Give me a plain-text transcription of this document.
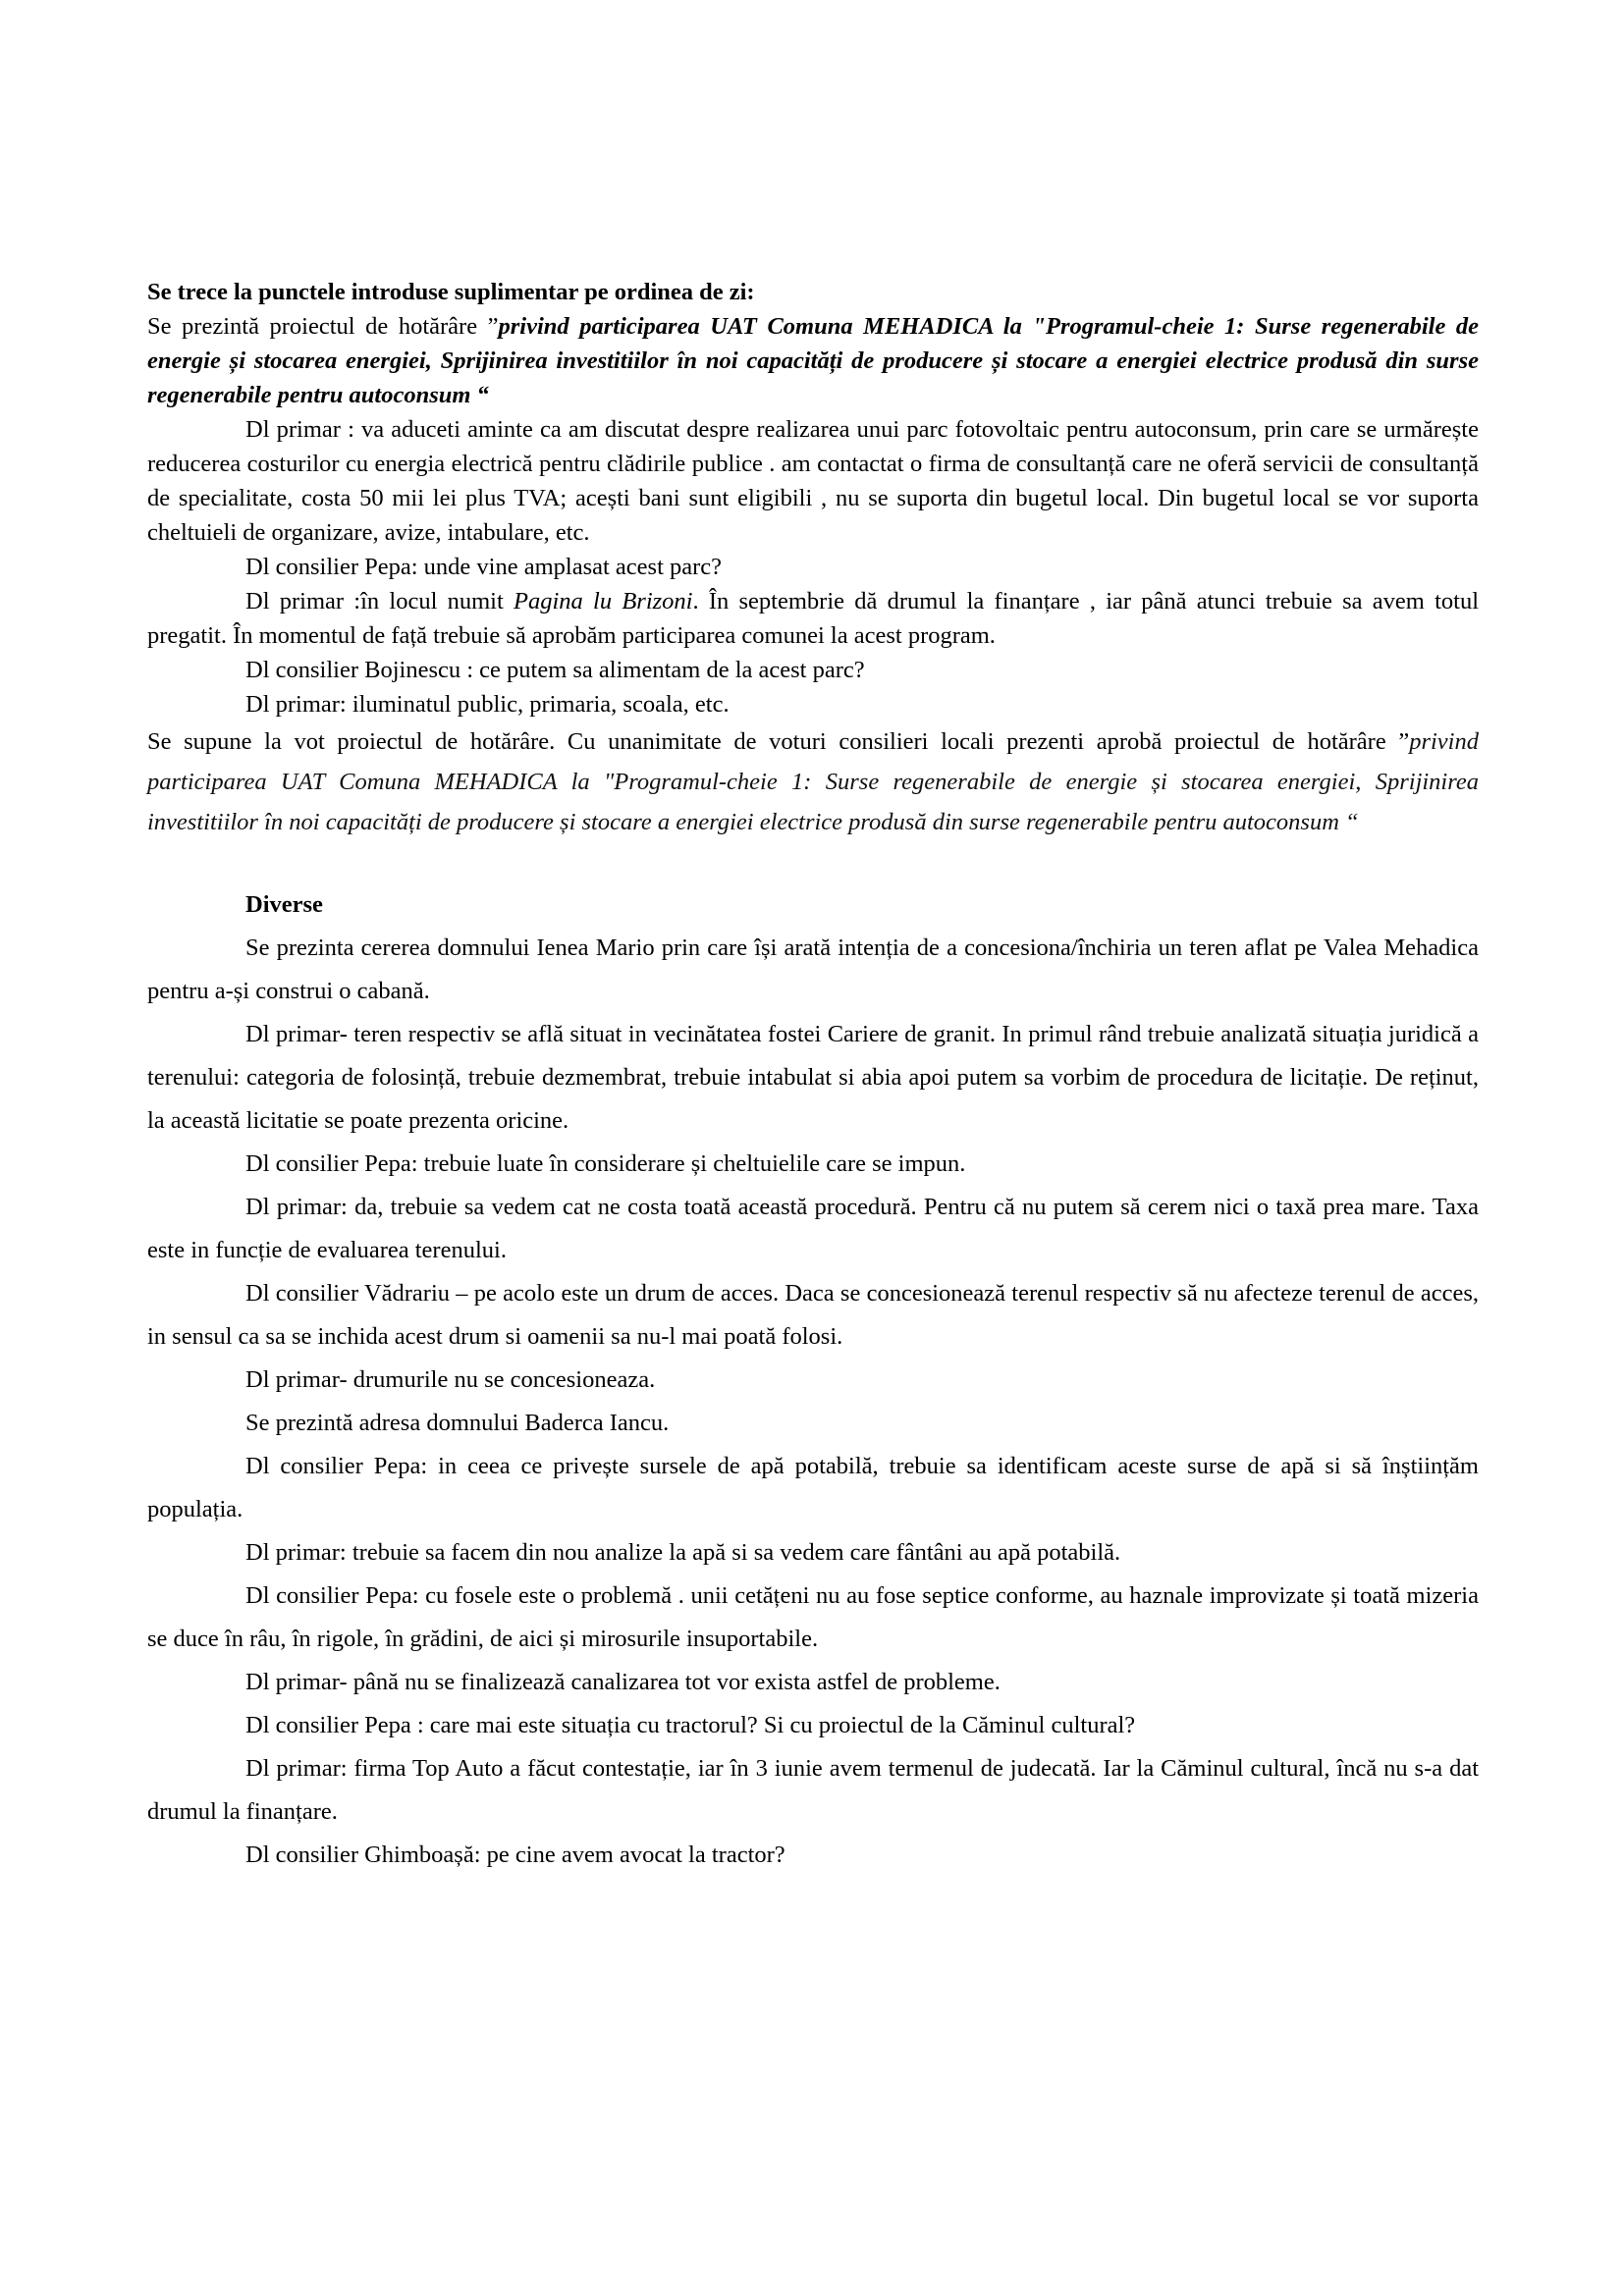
Se trece la punctele introduse suplimentar pe ordinea de zi:

Se prezintă proiectul de hotărâre ”privind participarea UAT Comuna MEHADICA la "Programul-cheie 1: Surse regenerabile de energie și stocarea energiei, Sprijinirea investitiilor în noi capacități de producere și stocare a energiei electrice produsă din surse regenerabile pentru autoconsum “

Dl primar : va aduceti aminte ca am discutat despre realizarea unui parc fotovoltaic pentru autoconsum, prin care se urmărește reducerea costurilor cu energia electrică pentru clădirile publice . am contactat o firma de consultanță care ne oferă servicii de consultanță de specialitate, costa 50 mii lei plus TVA; acești bani sunt eligibili , nu se suporta din bugetul local. Din bugetul local se vor suporta cheltuieli de organizare, avize, intabulare, etc.

Dl consilier Pepa: unde vine amplasat acest parc?

Dl primar :în locul numit Pagina lu Brizoni. În septembrie dă drumul la finanțare , iar până atunci trebuie sa avem totul pregatit. În momentul de față trebuie să aprobăm participarea comunei la acest program.

Dl consilier Bojinescu : ce putem sa alimentam de la acest parc?

Dl primar: iluminatul public, primaria, scoala, etc.

Se supune la vot proiectul de hotărâre. Cu unanimitate de voturi consilieri locali prezenti aprobă proiectul de hotărâre ”privind participarea UAT Comuna MEHADICA la "Programul-cheie 1: Surse regenerabile de energie și stocarea energiei, Sprijinirea investitiilor în noi capacități de producere și stocare a energiei electrice produsă din surse regenerabile pentru autoconsum “

Diverse

Se prezinta cererea domnului Ienea Mario prin care își arată intenția de a concesiona/închiria un teren aflat pe Valea Mehadica pentru a-și construi o cabană.

Dl primar- teren respectiv se află situat in vecinătatea fostei Cariere de granit. In primul rând trebuie analizată situația juridică a terenului: categoria de folosință, trebuie dezmembrat, trebuie intabulat si abia apoi putem sa vorbim de procedura de licitație. De reținut, la această licitatie se poate prezenta oricine.

Dl consilier Pepa: trebuie luate în considerare și cheltuielile care se impun.

Dl primar: da, trebuie sa vedem cat ne costa toată această procedură. Pentru că nu putem să cerem nici o taxă prea mare. Taxa este in funcție de evaluarea terenului.

Dl consilier Vădrariu – pe acolo este un drum de acces. Daca se concesionează terenul respectiv să nu afecteze terenul de acces, in sensul ca sa se inchida acest drum si oamenii sa nu-l mai poată folosi.

Dl primar- drumurile nu se concesioneaza.

Se prezintă adresa domnului Baderca Iancu.

Dl consilier Pepa: in ceea ce privește sursele de apă potabilă, trebuie sa identificam aceste surse de apă si să înștiințăm populația.

Dl primar: trebuie sa facem din nou analize la apă si sa vedem care fântâni au apă potabilă.

Dl consilier Pepa: cu fosele este o problemă . unii cetățeni nu au fose septice conforme, au haznale improvizate și toată mizeria se duce în râu, în rigole, în grădini, de aici și mirosurile insuportabile.

Dl primar- până nu se finalizează canalizarea tot vor exista astfel de probleme.

Dl consilier Pepa : care mai este situația cu tractorul? Si cu proiectul de la Căminul cultural?

Dl primar: firma Top Auto a făcut contestație, iar în 3 iunie avem termenul de judecată. Iar la Căminul cultural, încă nu s-a dat drumul la finanțare.

Dl consilier Ghimboașă: pe cine avem avocat la tractor?
